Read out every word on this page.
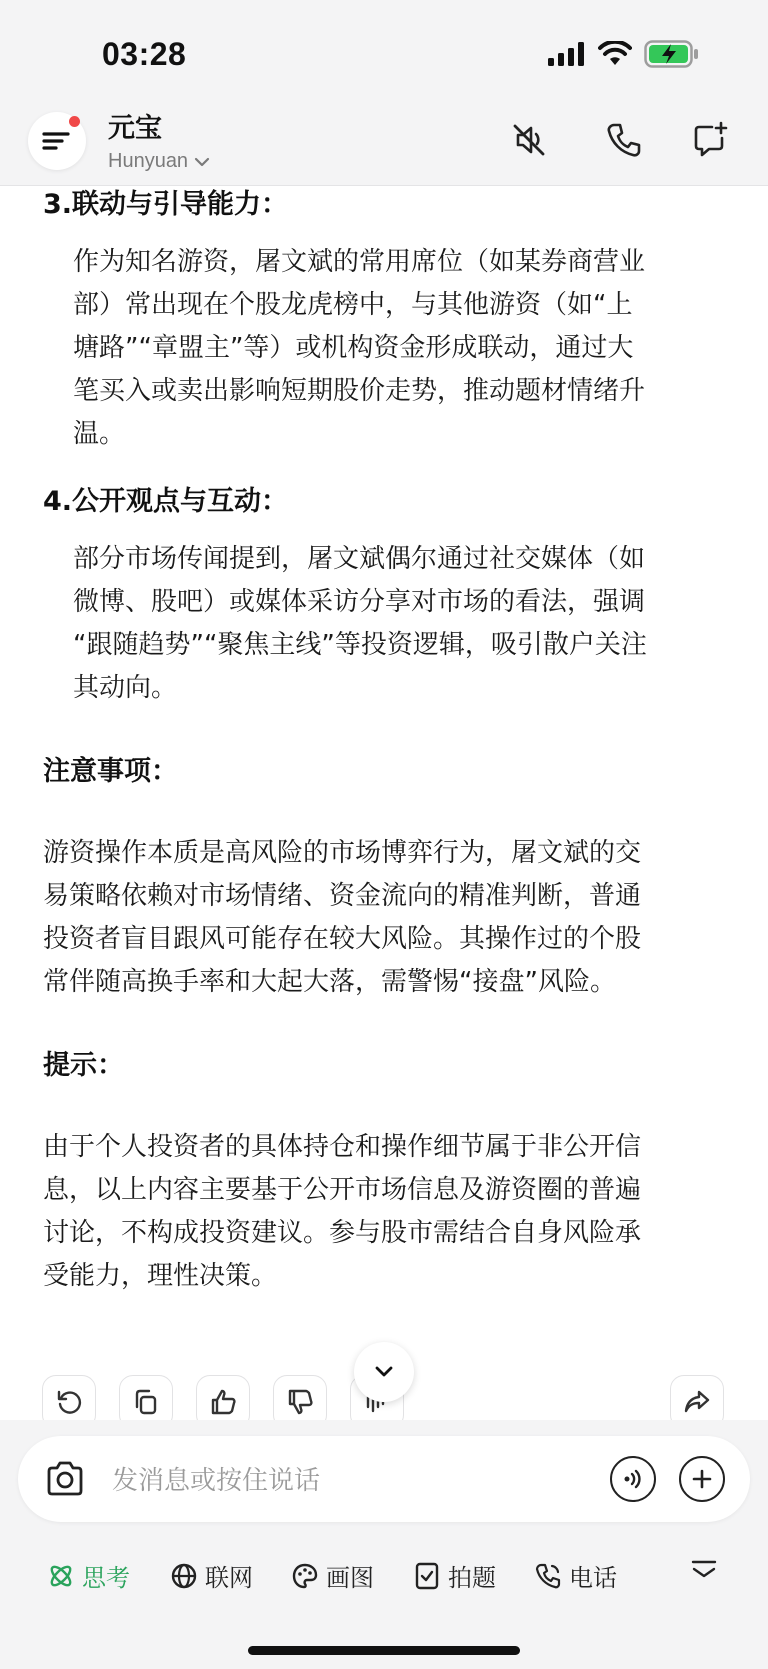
03:28
元宝
Hunyuan
3.联动与引导能力：
作为知名游资，屠文斌的常用席位（如某券商营业
部）常出现在个股龙虎榜中，与其他游资（如“上
塘路”“章盟主”等）或机构资金形成联动，通过大
笔买入或卖出影响短期股价走势，推动题材情绪升
温。
4.公开观点与互动：
部分市场传闻提到，屠文斌偶尔通过社交媒体（如
微博、股吧）或媒体采访分享对市场的看法，强调
“跟随趋势”“聚焦主线”等投资逻辑，吸引散户关注
其动向。
注意事项：
游资操作本质是高风险的市场博弈行为，屠文斌的交
易策略依赖对市场情绪、资金流向的精准判断，普通
投资者盲目跟风可能存在较大风险。其操作过的个股
常伴随高换手率和大起大落，需警惕“接盘”风险。
提示：
由于个人投资者的具体持仓和操作细节属于非公开信
息，以上内容主要基于公开市场信息及游资圈的普遍
讨论，不构成投资建议。参与股市需结合自身风险承
受能力，理性决策。
发消息或按住说话
思考	联网	画图	拍题	电话
